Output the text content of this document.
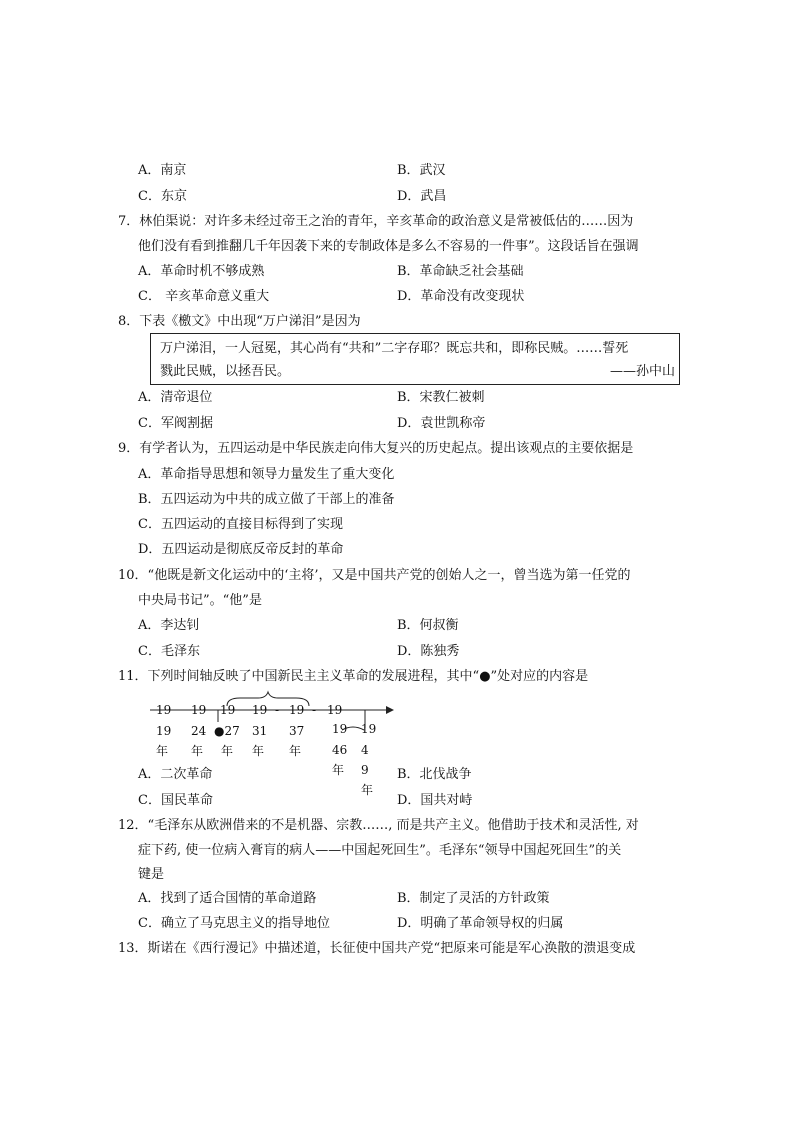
A．南京	B．武汉
C．东京	D．武昌
7．林伯渠说：对许多未经过帝王之治的青年，辛亥革命的政治意义是常被低估的……因为
他们没有看到推翻几千年因袭下来的专制政体是多么不容易的一件事”。这段话旨在强调
A．革命时机不够成熟	B．革命缺乏社会基础
C． 辛亥革命意义重大	D．革命没有改变现状
8．下表《檄文》中出现“万户涕泪”是因为
万户涕泪，一人冠冕，其心尚有“共和”二字存耶？既忘共和，即称民贼。……誓死
戮此民贼，以拯吾民。	——孙中山
A．清帝退位	B．宋教仁被刺
C．军阀割据	D．袁世凯称帝
9．有学者认为，五四运动是中华民族走向伟大复兴的历史起点。提出该观点的主要依据是
A．革命指导思想和领导力量发生了重大变化
B．五四运动为中共的成立做了干部上的准备
C．五四运动的直接目标得到了实现
D．五四运动是彻底反帝反封的革命
10．“他既是新文化运动中的‘主将’，又是中国共产党的创始人之一，曾当选为第一任党的
中央局书记”。“他”是
A．李达钊	B．何叔衡
C．毛泽东	D．陈独秀
11．下列时间轴反映了中国新民主主义革命的发展进程，其中“●”处对应的内容是
19 19 19 19 - 19 - 19
19 24 ●27 31 37 19 19
年 年 年 年 年	46 4
年 9
年
A．二次革命	B．北伐战争
C．国民革命	D．国共对峙
12．“毛泽东从欧洲借来的不是机器、宗教……, 而是共产主义。他借助于技术和灵活性, 对
症下药, 使一位病入膏肓的病人——中国起死回生”。毛泽东“领导中国起死回生”的关
键是
A．找到了适合国情的革命道路	B．制定了灵活的方针政策
C．确立了马克思主义的指导地位	D．明确了革命领导权的归属
13．斯诺在《西行漫记》中描述道，长征使中国共产党“把原来可能是军心涣散的溃退变成
